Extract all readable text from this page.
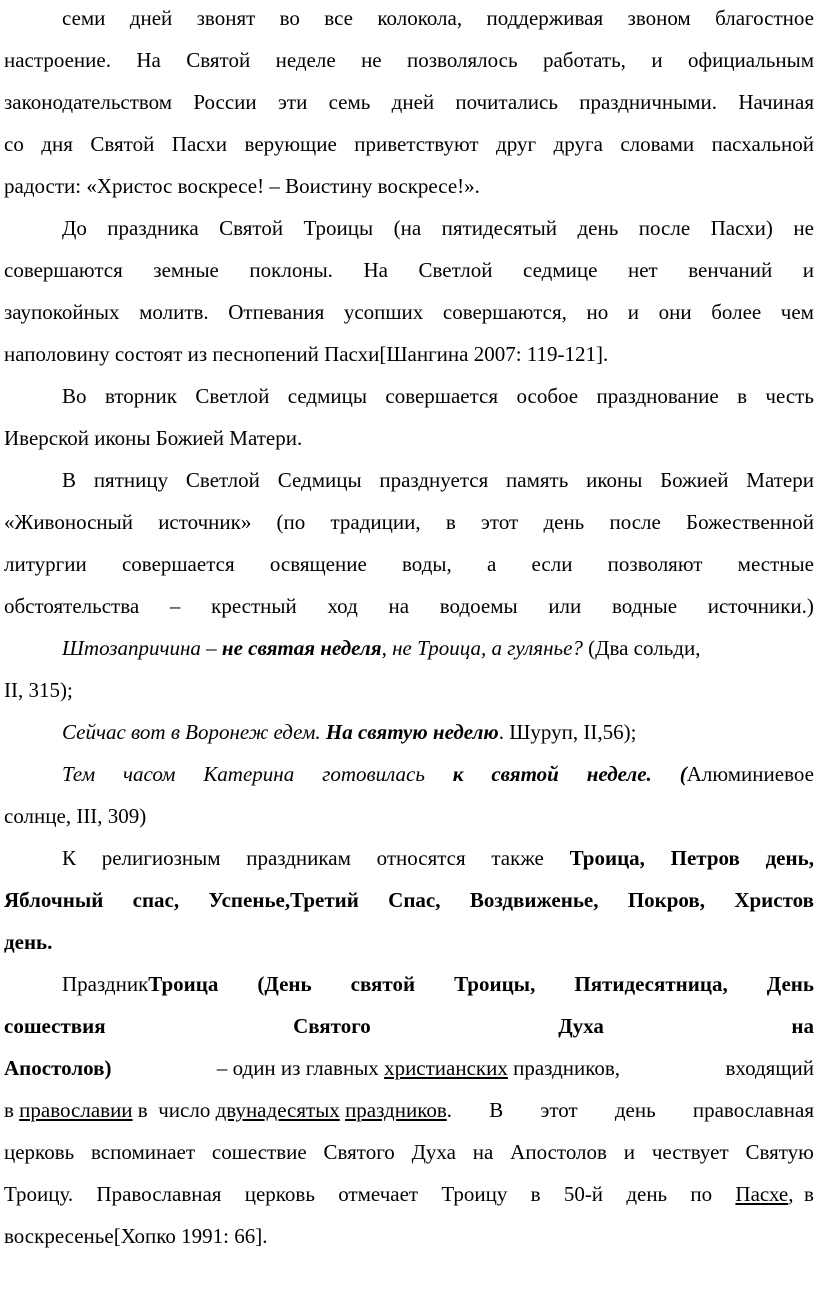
семи дней звонят во все колокола, поддерживая звоном благостное
настроение. На Святой неделе не позволялось работать, и официальным
законодательством России эти семь дней почитались праздничными. Начиная
со дня Святой Пасхи верующие приветствуют друг друга словами пасхальной
радости: «Христос воскресе! – Воистину воскресе!».
До праздника Святой Троицы (на пятидесятый день после Пасхи) не
совершаются земные поклоны. На Светлой седмице нет венчаний и
заупокойных молитв. Отпевания усопших совершаются, но и они более чем
наполовину состоят из песнопений Пасхи[Шангина 2007: 119-121].
Во вторник Светлой седмицы совершается особое празднование в честь
Иверской иконы Божией Матери.
В пятницу Светлой Седмицы празднуется память иконы Божией Матери
«Живоносный источник» (по традиции, в этот день после Божественной
литургии совершается освящение воды, а если позволяют местные
обстоятельства – крестный ход на водоемы или водные источники.)
Штозапричина – не святая неделя, не Троица, а гулянье? (Два сольди,
II, 315);
Сейчас вот в Воронеж едем. На святую неделю. Шуруп, II,56);
Тем часом Катерина готовилась к святой неделе. (Алюминиевое
солнце, III, 309)
К религиозным праздникам относятся также Троица, Петров день,
Яблочный спас, Успенье,Третий Спас, Воздвиженье, Покров, Христов
день.
Праздник Троица (День святой Троицы, Пятидесятница, День
сошествия	Святого	Духа	на
Апостолов)	– один из главных христианских праздников,	входящий
в православии в  число двунадесятых праздников. В этот день православная
церковь вспоминает сошествие Святого Духа на Апостолов и чествует Святую
Троицу. Православная церковь отмечает Троицу в 50-й день по Пасхе,  в
воскресенье[Хопко 1991: 66].
